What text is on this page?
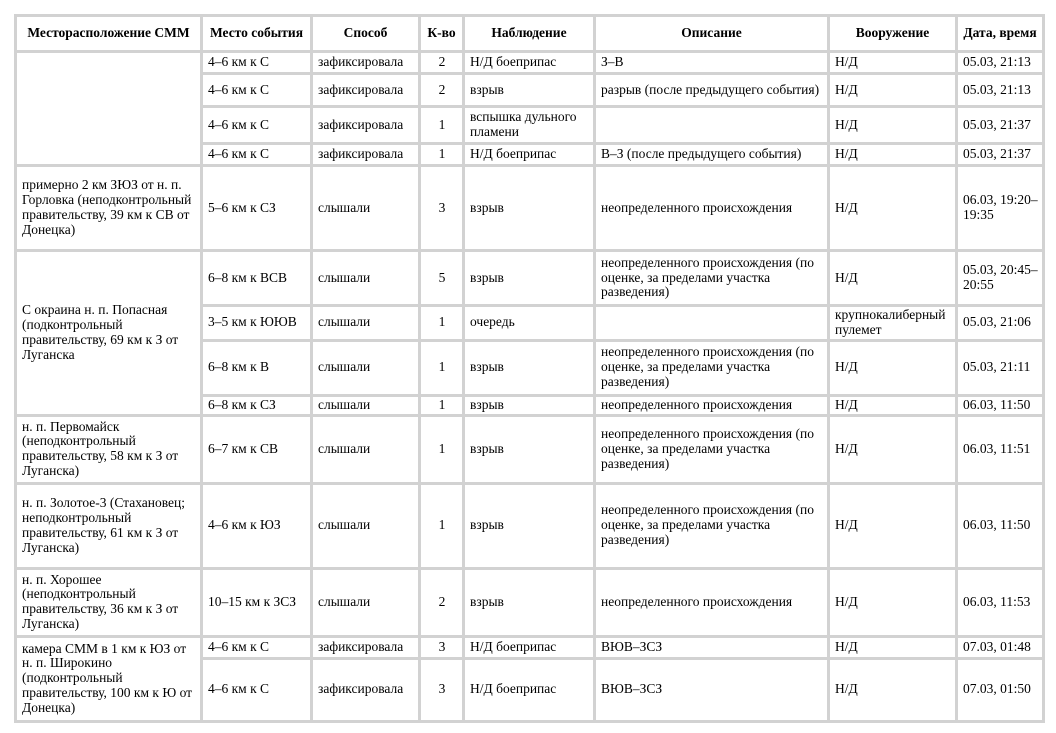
Месторасположение СММ	Место события	Способ	К-во	Наблюдение	Описание	Вооружение	Дата, время
	4–6 км к С	зафиксировала	2	Н/Д боеприпас	З–В	Н/Д	05.03, 21:13
	4–6 км к С	зафиксировала	2	взрыв	разрыв (после предыдущего события)	Н/Д	05.03, 21:13
	4–6 км к С	зафиксировала	1	вспышка дульного пламени		Н/Д	05.03, 21:37
	4–6 км к С	зафиксировала	1	Н/Д боеприпас	В–З (после предыдущего события)	Н/Д	05.03, 21:37
примерно 2 км ЗЮЗ от н. п. Горловка (неподконтрольный правительству, 39 км к СВ от Донецка)	5–6 км к СЗ	слышали	3	взрыв	неопределенного происхождения	Н/Д	06.03, 19:20–19:35
С окраина н. п. Попасная (подконтрольный правительству, 69 км к З от Луганска	6–8 км к ВСВ	слышали	5	взрыв	неопределенного происхождения (по оценке, за пределами участка разведения)	Н/Д	05.03, 20:45–20:55
	3–5 км к ЮЮВ	слышали	1	очередь		крупнокалиберный пулемет	05.03, 21:06
	6–8 км к В	слышали	1	взрыв	неопределенного происхождения (по оценке, за пределами участка разведения)	Н/Д	05.03, 21:11
	6–8 км к СЗ	слышали	1	взрыв	неопределенного происхождения	Н/Д	06.03, 11:50
н. п. Первомайск (неподконтрольный правительству, 58 км к З от Луганска)	6–7 км к СВ	слышали	1	взрыв	неопределенного происхождения (по оценке, за пределами участка разведения)	Н/Д	06.03, 11:51
н. п. Золотое-3 (Стахановец; неподконтрольный правительству, 61 км к З от Луганска)	4–6 км к ЮЗ	слышали	1	взрыв	неопределенного происхождения (по оценке, за пределами участка разведения)	Н/Д	06.03, 11:50
н. п. Хорошее (неподконтрольный правительству, 36 км к З от Луганска)	10–15 км к ЗСЗ	слышали	2	взрыв	неопределенного происхождения	Н/Д	06.03, 11:53
камера СММ в 1 км к ЮЗ от н. п. Широкино (подконтрольный правительству, 100 км к Ю от Донецка)	4–6 км к С	зафиксировала	3	Н/Д боеприпас	ВЮВ–ЗСЗ	Н/Д	07.03, 01:48
	4–6 км к С	зафиксировала	3	Н/Д боеприпас	ВЮВ–ЗСЗ	Н/Д	07.03, 01:50
